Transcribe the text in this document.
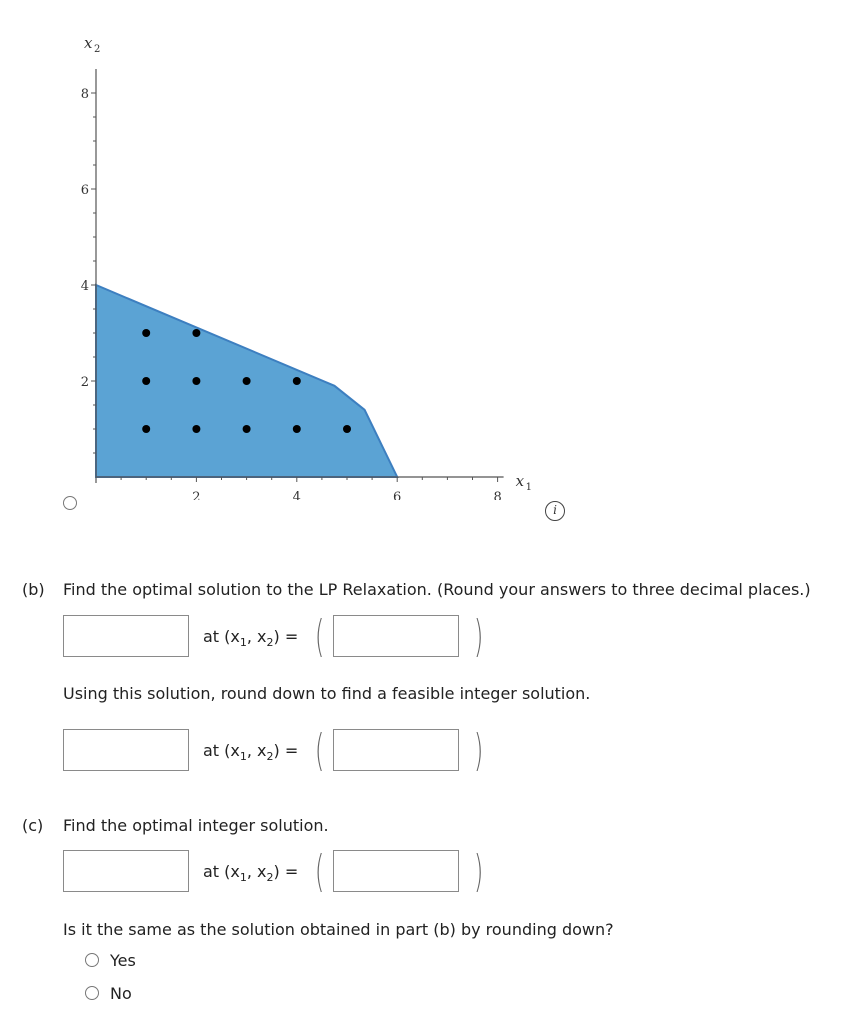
2	4	6	8
2
4
6
8
x 1
x 2
i
(b) Find the optimal solution to the LP Relaxation. (Round your answers to three decimal places.)
at ($x_1$, $x_2$) = (	)
Using this solution, round down to find a feasible integer solution.
at ($x_1$, $x_2$) = (	)
(c) Find the optimal integer solution.
at ($x_1$, $x_2$) = (	)
Is it the same as the solution obtained in part (b) by rounding down?
Yes
No
